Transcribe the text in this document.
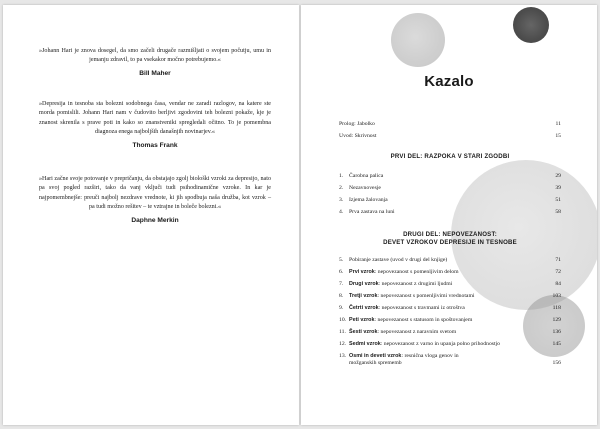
»Johann Hari je znova dosegel, da smo začeli drugače razmišljati o svojem počutju, umu in jemanju zdravil, to pa vsekakor močno potrebujemo.«
Bill Maher
»Depresija in tesnoba sta bolezni sodobnega časa, vendar ne zaradi razlogov, na katere ste morda pomislili. Johann Hari nam v čudovito berljivi zgodovini teh bolezni pokaže, kje je znanost skrenila s prave poti in kako so znanstveniki spregledali očitno. To je pomembna diagnoza enega najboljših današnjih novinarjev.«
Thomas Frank
»Hari začne svoje potovanje v prepričanju, da obstajajo zgolj biološki vzroki za depresijo, nato pa svoj pogled razširi, tako da vanj vključi tudi psihodinamične vzroke. In kar je najpomembnejše: preuči najbolj nezdrave vrednote, ki jih spodbuja naša družba, kot vzrok – pa tudi možno rešitev – te vztrajne in boleče bolezni.«
Daphne Merkin
Kazalo
Prolog: Jabolko	11
Uvod: Skrivnost	15
PRVI DEL: RAZPOKA V STARI ZGODBI
1.	Čarobna palica	29
2.	Nezavnovesje	39
3.	Izjema žalovanja	51
4.	Prva zastava na luni	58
DRUGI DEL: NEPOVEZANOST:
DEVET VZROKOV DEPRESIJE IN TESNOBE
5.	Pobiranje zastave (uvod v drugi del knjige)	71
6.	Prvi vzrok: nepovezanost s pomenljivim delom	72
7.	Drugi vzrok: nepovezanost z drugimi ljudmi	84
8.	Tretji vzrok: nepovezanost s pomenljivimi vrednotami	103
9.	Četrti vzrok: nepovezanost s travmami iz otroštva	118
10. Peti vzrok: nepovezanost s statusom in spoštovanjem	129
11. Šesti vzrok: nepovezanost z naravnim svetom	136
12. Sedmi vzrok: nepovezanost z varno in upanja polno prihodnostjo	145
13. Osmi in deveti vzrok: resnična vloga genov in možganskih sprememb	156
